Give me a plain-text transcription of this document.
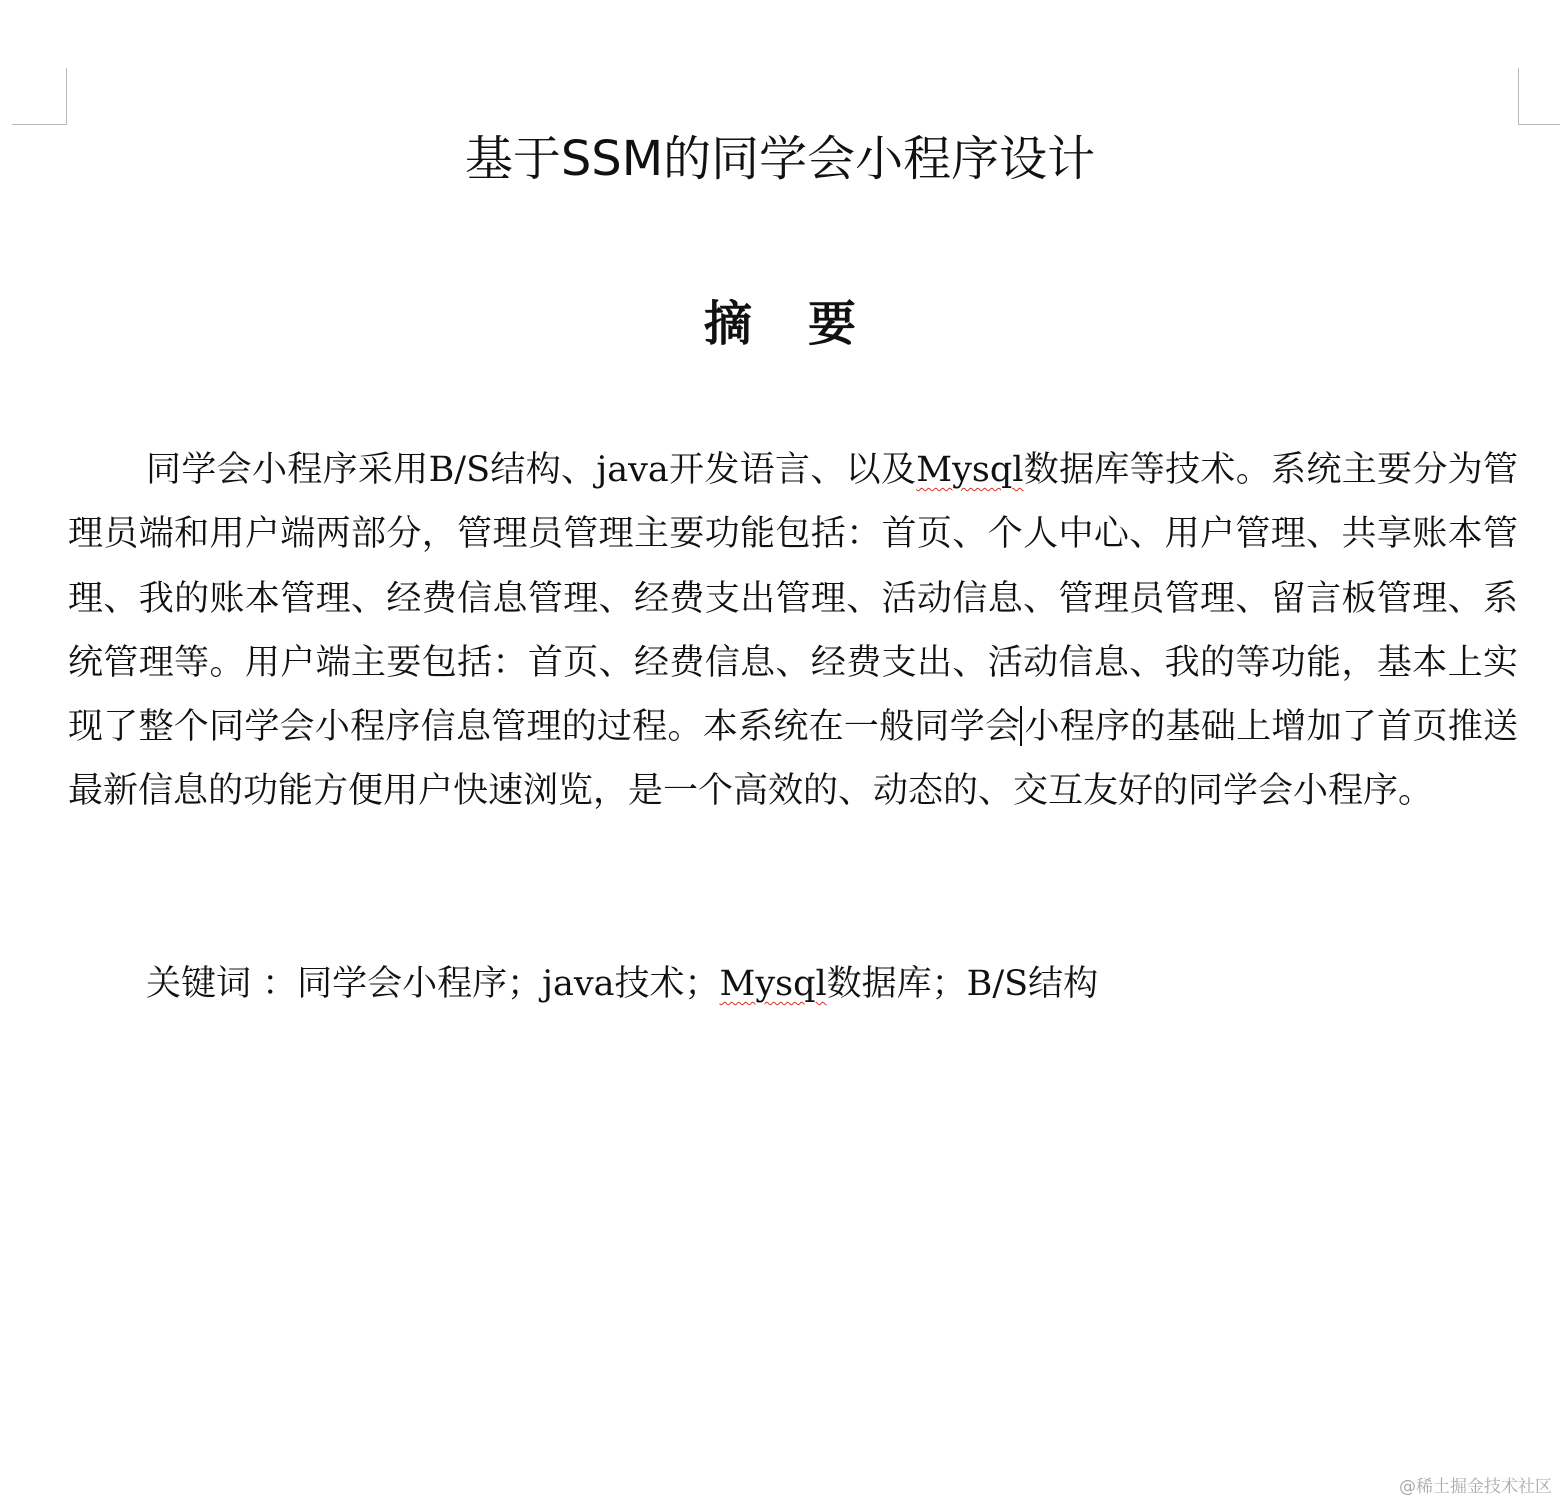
基于SSM的同学会小程序设计
摘 要

同学会小程序采用B/S结构、java开发语言、以及Mysql数据库等技术。系统主要分为管理员端和用户端两部分，管理员管理主要功能包括：首页、个人中心、用户管理、共享账本管理、我的账本管理、经费信息管理、经费支出管理、活动信息、管理员管理、留言板管理、系统管理等。用户端主要包括：首页、经费信息、经费支出、活动信息、我的等功能，基本上实现了整个同学会小程序信息管理的过程。本系统在一般同学会 小程序的基础上增加了首页推送最新信息的功能方便用户快速浏览，是一个高效的、动态的、交互友好的同学会小程序。

关键词 ：同学会小程序；java技术；Mysql数据库；B/S结构
@稀土掘金技术社区
